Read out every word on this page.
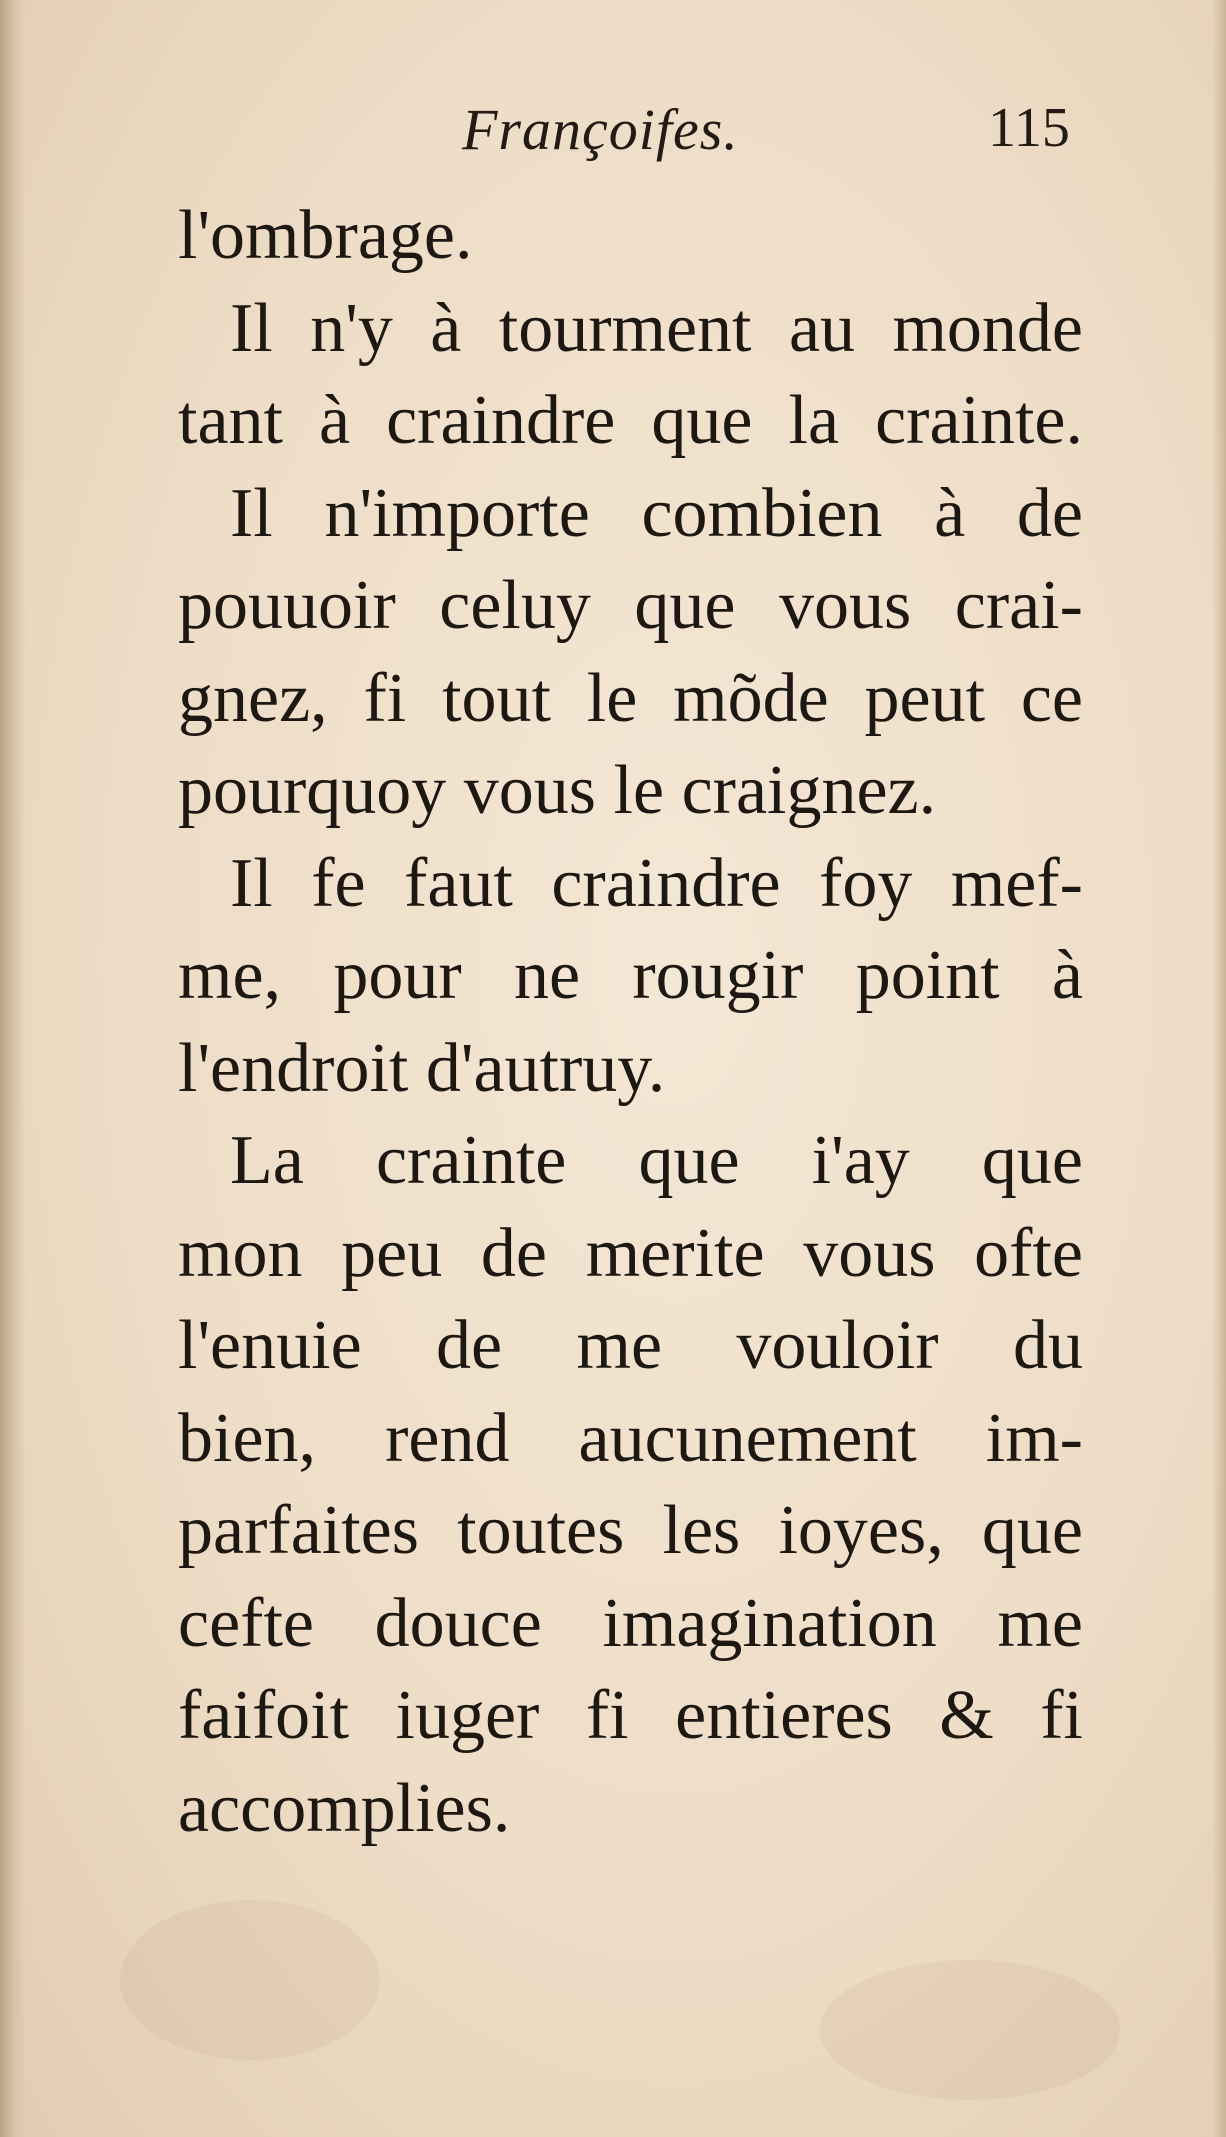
Françoifes.	115
l'ombrage.
Il n'y à tourment au monde
tant à craindre que la crainte.
Il n'importe combien à de
pouuoir celuy que vous crai-
gnez, fi tout le mõde peut ce
pourquoy vous le craignez.
Il fe faut craindre foy mef-
me, pour ne rougir point à
l'endroit d'autruy.
La crainte que i'ay que
mon peu de merite vous ofte
l'enuie de me vouloir du
bien, rend aucunement im-
parfaites toutes les ioyes, que
cefte douce imagination me
faifoit iuger fi entieres & fi
accomplies.
